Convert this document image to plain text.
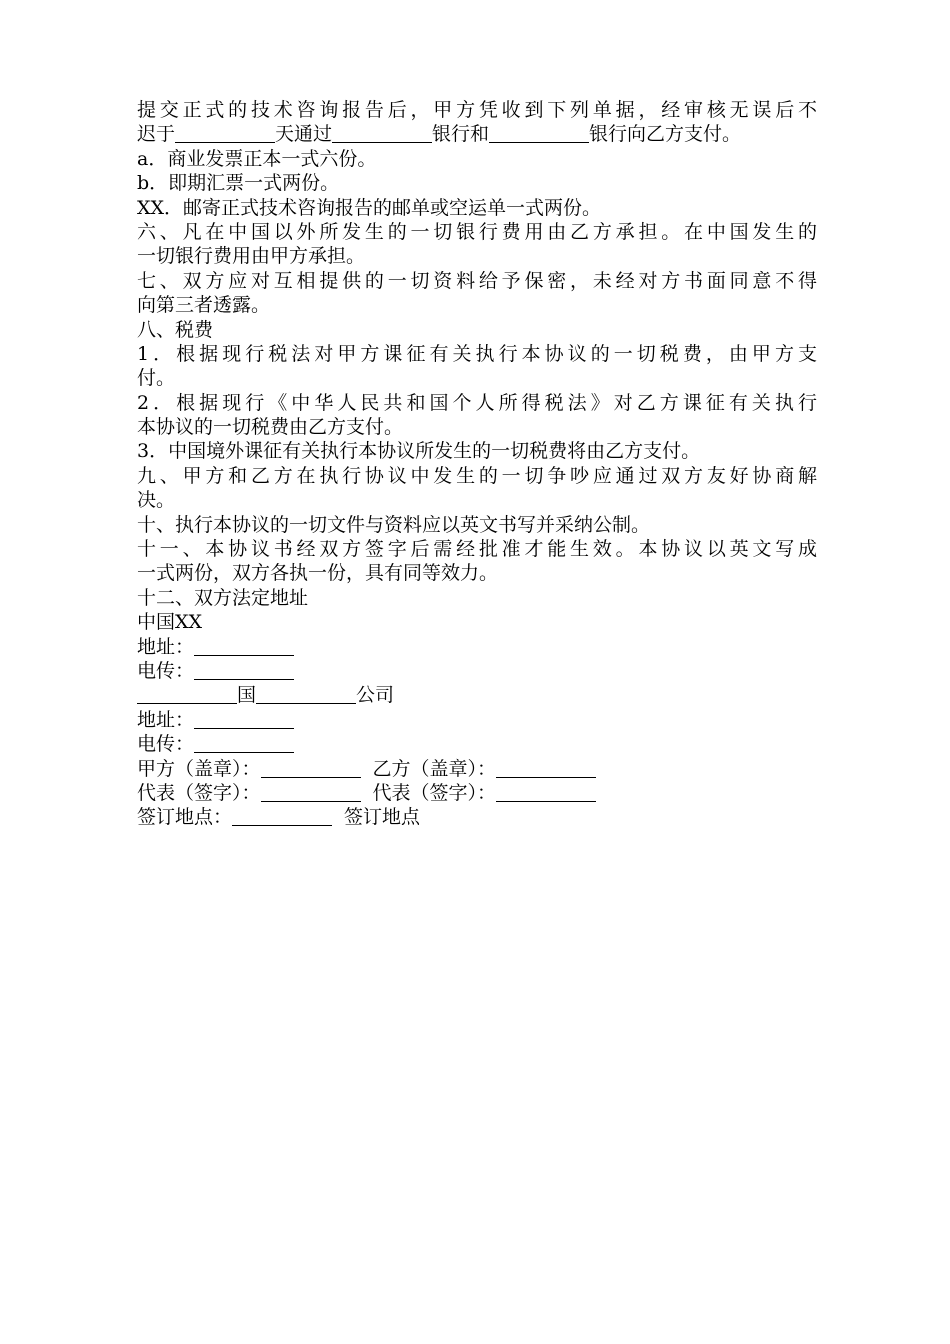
提交正式的技术咨询报告后，甲方凭收到下列单据，经审核无误后不
迟于	天通过	银行和	银行向乙方支付。
a．商业发票正本一式六份。
b．即期汇票一式两份。
XX．邮寄正式技术咨询报告的邮单或空运单一式两份。
六、凡在中国以外所发生的一切银行费用由乙方承担。在中国发生的
一切银行费用由甲方承担。
七、双方应对互相提供的一切资料给予保密，未经对方书面同意不得
向第三者透露。
八、税费
1．根据现行税法对甲方课征有关执行本协议的一切税费，由甲方支
付。
2．根据现行《中华人民共和国个人所得税法》对乙方课征有关执行
本协议的一切税费由乙方支付。
3．中国境外课征有关执行本协议所发生的一切税费将由乙方支付。
九、甲方和乙方在执行协议中发生的一切争吵应通过双方友好协商解
决。
十、执行本协议的一切文件与资料应以英文书写并采纳公制。
十一、本协议书经双方签字后需经批准才能生效。本协议以英文写成
一式两份，双方各执一份，具有同等效力。
十二、双方法定地址
中国XX
地址：
电传：
国	公司
地址：
电传：
甲方（盖章）：	乙方（盖章）：
代表（签字）：	代表（签字）：
签订地点：	签订地点
